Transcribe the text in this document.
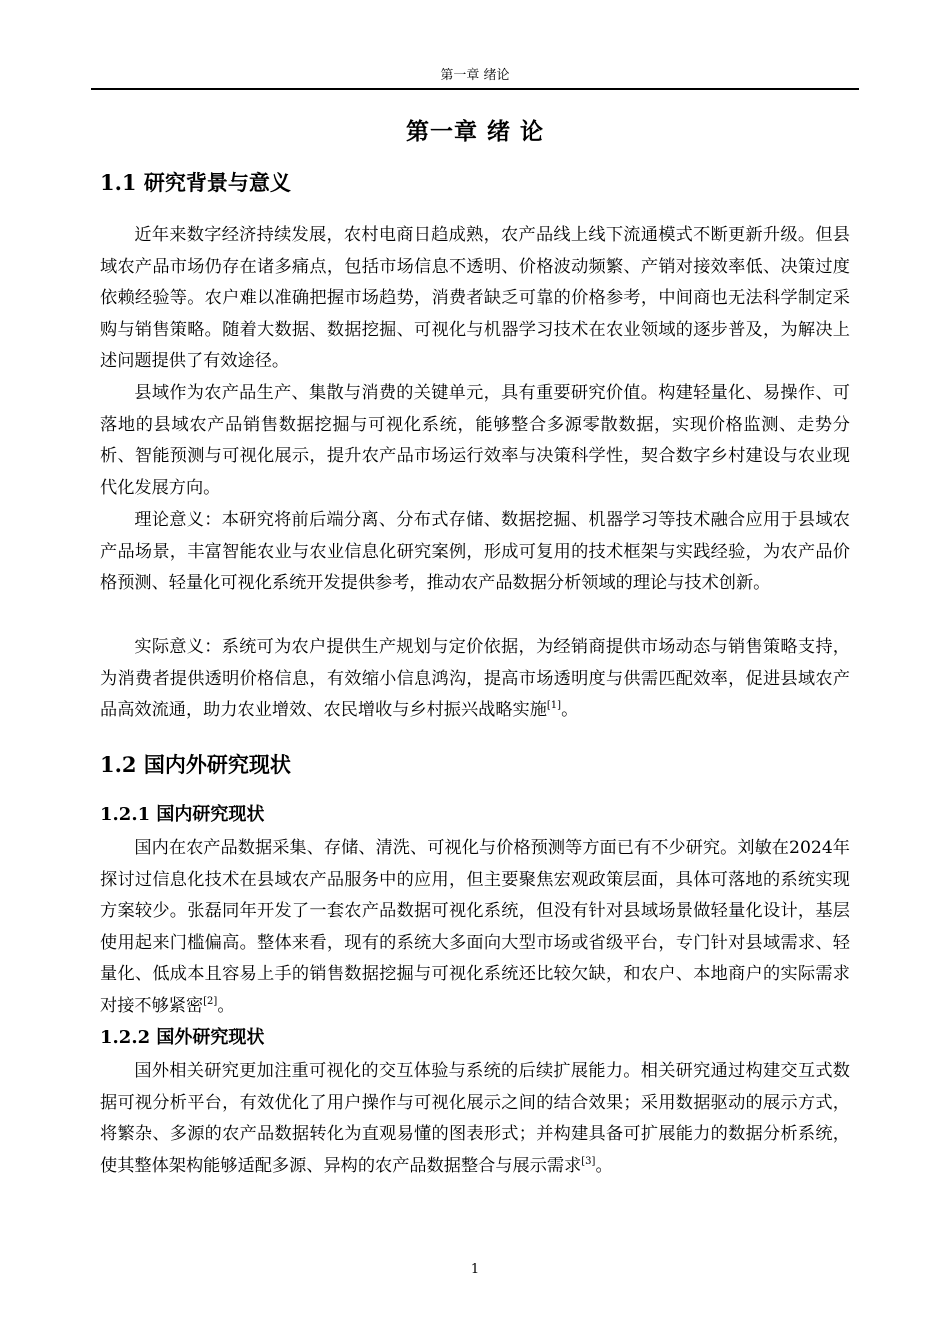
第一章 绪论
第一章 绪 论
1.1 研究背景与意义

近年来数字经济持续发展，农村电商日趋成熟，农产品线上线下流通模式不断更新升级。但县域农产品市场仍存在诸多痛点，包括市场信息不透明、价格波动频繁、产销对接效率低、决策过度依赖经验等。农户难以准确把握市场趋势，消费者缺乏可靠的价格参考，中间商也无法科学制定采购与销售策略。随着大数据、数据挖掘、可视化与机器学习技术在农业领域的逐步普及，为解决上述问题提供了有效途径。

县域作为农产品生产、集散与消费的关键单元，具有重要研究价值。构建轻量化、易操作、可落地的县域农产品销售数据挖掘与可视化系统，能够整合多源零散数据，实现价格监测、走势分析、智能预测与可视化展示，提升农产品市场运行效率与决策科学性，契合数字乡村建设与农业现代化发展方向。

理论意义：本研究将前后端分离、分布式存储、数据挖掘、机器学习等技术融合应用于县域农产品场景，丰富智能农业与农业信息化研究案例，形成可复用的技术框架与实践经验，为农产品价格预测、轻量化可视化系统开发提供参考，推动农产品数据分析领域的理论与技术创新。

实际意义：系统可为农户提供生产规划与定价依据，为经销商提供市场动态与销售策略支持，为消费者提供透明价格信息，有效缩小信息鸿沟，提高市场透明度与供需匹配效率，促进县域农产品高效流通，助力农业增效、农民增收与乡村振兴战略实施[1]。

1.2 国内外研究现状
1.2.1 国内研究现状

国内在农产品数据采集、存储、清洗、可视化与价格预测等方面已有不少研究。刘敏在2024年探讨过信息化技术在县域农产品服务中的应用，但主要聚焦宏观政策层面，具体可落地的系统实现方案较少。张磊同年开发了一套农产品数据可视化系统，但没有针对县域场景做轻量化设计，基层使用起来门槛偏高。整体来看，现有的系统大多面向大型市场或省级平台，专门针对县域需求、轻量化、低成本且容易上手的销售数据挖掘与可视化系统还比较欠缺，和农户、本地商户的实际需求对接不够紧密[2]。

1.2.2 国外研究现状

国外相关研究更加注重可视化的交互体验与系统的后续扩展能力。相关研究通过构建交互式数据可视分析平台，有效优化了用户操作与可视化展示之间的结合效果；采用数据驱动的展示方式，将繁杂、多源的农产品数据转化为直观易懂的图表形式；并构建具备可扩展能力的数据分析系统，使其整体架构能够适配多源、异构的农产品数据整合与展示需求[3]。

1
